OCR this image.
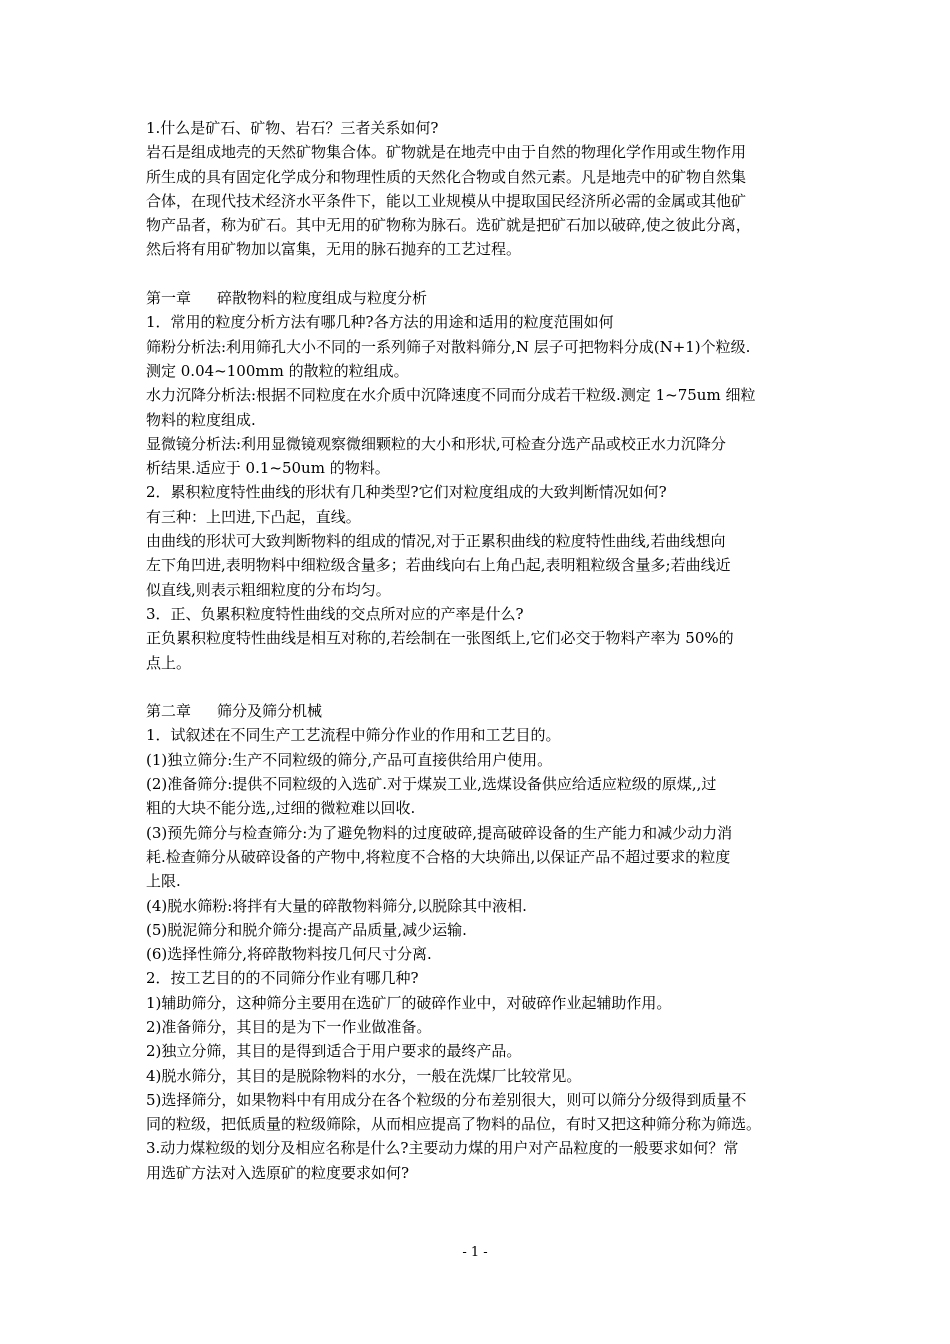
1.什么是矿石、矿物、岩石？三者关系如何?
岩石是组成地壳的天然矿物集合体。矿物就是在地壳中由于自然的物理化学作用或生物作用
所生成的具有固定化学成分和物理性质的天然化合物或自然元素。凡是地壳中的矿物自然集
合体，在现代技术经济水平条件下，能以工业规模从中提取国民经济所必需的金属或其他矿
物产品者，称为矿石。其中无用的矿物称为脉石。选矿就是把矿石加以破碎,使之彼此分离，
然后将有用矿物加以富集，无用的脉石抛弃的工艺过程。
第一章 碎散物料的粒度组成与粒度分析
1．常用的粒度分析方法有哪几种?各方法的用途和适用的粒度范围如何
筛粉分析法:利用筛孔大小不同的一系列筛子对散料筛分,N 层子可把物料分成(N+1)个粒级.
测定 0.04~100mm 的散粒的粒组成。
水力沉降分析法:根据不同粒度在水介质中沉降速度不同而分成若干粒级.测定 1~75um 细粒
物料的粒度组成.
显微镜分析法:利用显微镜观察微细颗粒的大小和形状,可检查分选产品或校正水力沉降分
析结果.适应于 0.1~50um 的物料。
2．累积粒度特性曲线的形状有几种类型?它们对粒度组成的大致判断情况如何?
有三种：上凹进,下凸起，直线。
由曲线的形状可大致判断物料的组成的情况,对于正累积曲线的粒度特性曲线,若曲线想向
左下角凹进,表明物料中细粒级含量多；若曲线向右上角凸起,表明粗粒级含量多;若曲线近
似直线,则表示粗细粒度的分布均匀。
3．正、负累积粒度特性曲线的交点所对应的产率是什么?
正负累积粒度特性曲线是相互对称的,若绘制在一张图纸上,它们必交于物料产率为 50%的
点上。
第二章 筛分及筛分机械
1．试叙述在不同生产工艺流程中筛分作业的作用和工艺目的。
(1)独立筛分:生产不同粒级的筛分,产品可直接供给用户使用。
(2)准备筛分:提供不同粒级的入选矿.对于煤炭工业,选煤设备供应给适应粒级的原煤,,过
粗的大块不能分选,,过细的微粒难以回收.
(3)预先筛分与检查筛分:为了避免物料的过度破碎,提高破碎设备的生产能力和减少动力消
耗.检查筛分从破碎设备的产物中,将粒度不合格的大块筛出,以保证产品不超过要求的粒度
上限.
(4)脱水筛粉:将拌有大量的碎散物料筛分,以脱除其中液相.
(5)脱泥筛分和脱介筛分:提高产品质量,减少运输.
(6)选择性筛分,将碎散物料按几何尺寸分离.
2．按工艺目的的不同筛分作业有哪几种?
1)辅助筛分，这种筛分主要用在选矿厂的破碎作业中，对破碎作业起辅助作用。
2)准备筛分，其目的是为下一作业做准备。
2)独立分筛，其目的是得到适合于用户要求的最终产品。
4)脱水筛分，其目的是脱除物料的水分，一般在洗煤厂比较常见。
5)选择筛分，如果物料中有用成分在各个粒级的分布差别很大，则可以筛分分级得到质量不
同的粒级，把低质量的粒级筛除，从而相应提高了物料的品位，有时又把这种筛分称为筛选。
3.动力煤粒级的划分及相应名称是什么?主要动力煤的用户对产品粒度的一般要求如何？常
用选矿方法对入选原矿的粒度要求如何?
- 1 -
